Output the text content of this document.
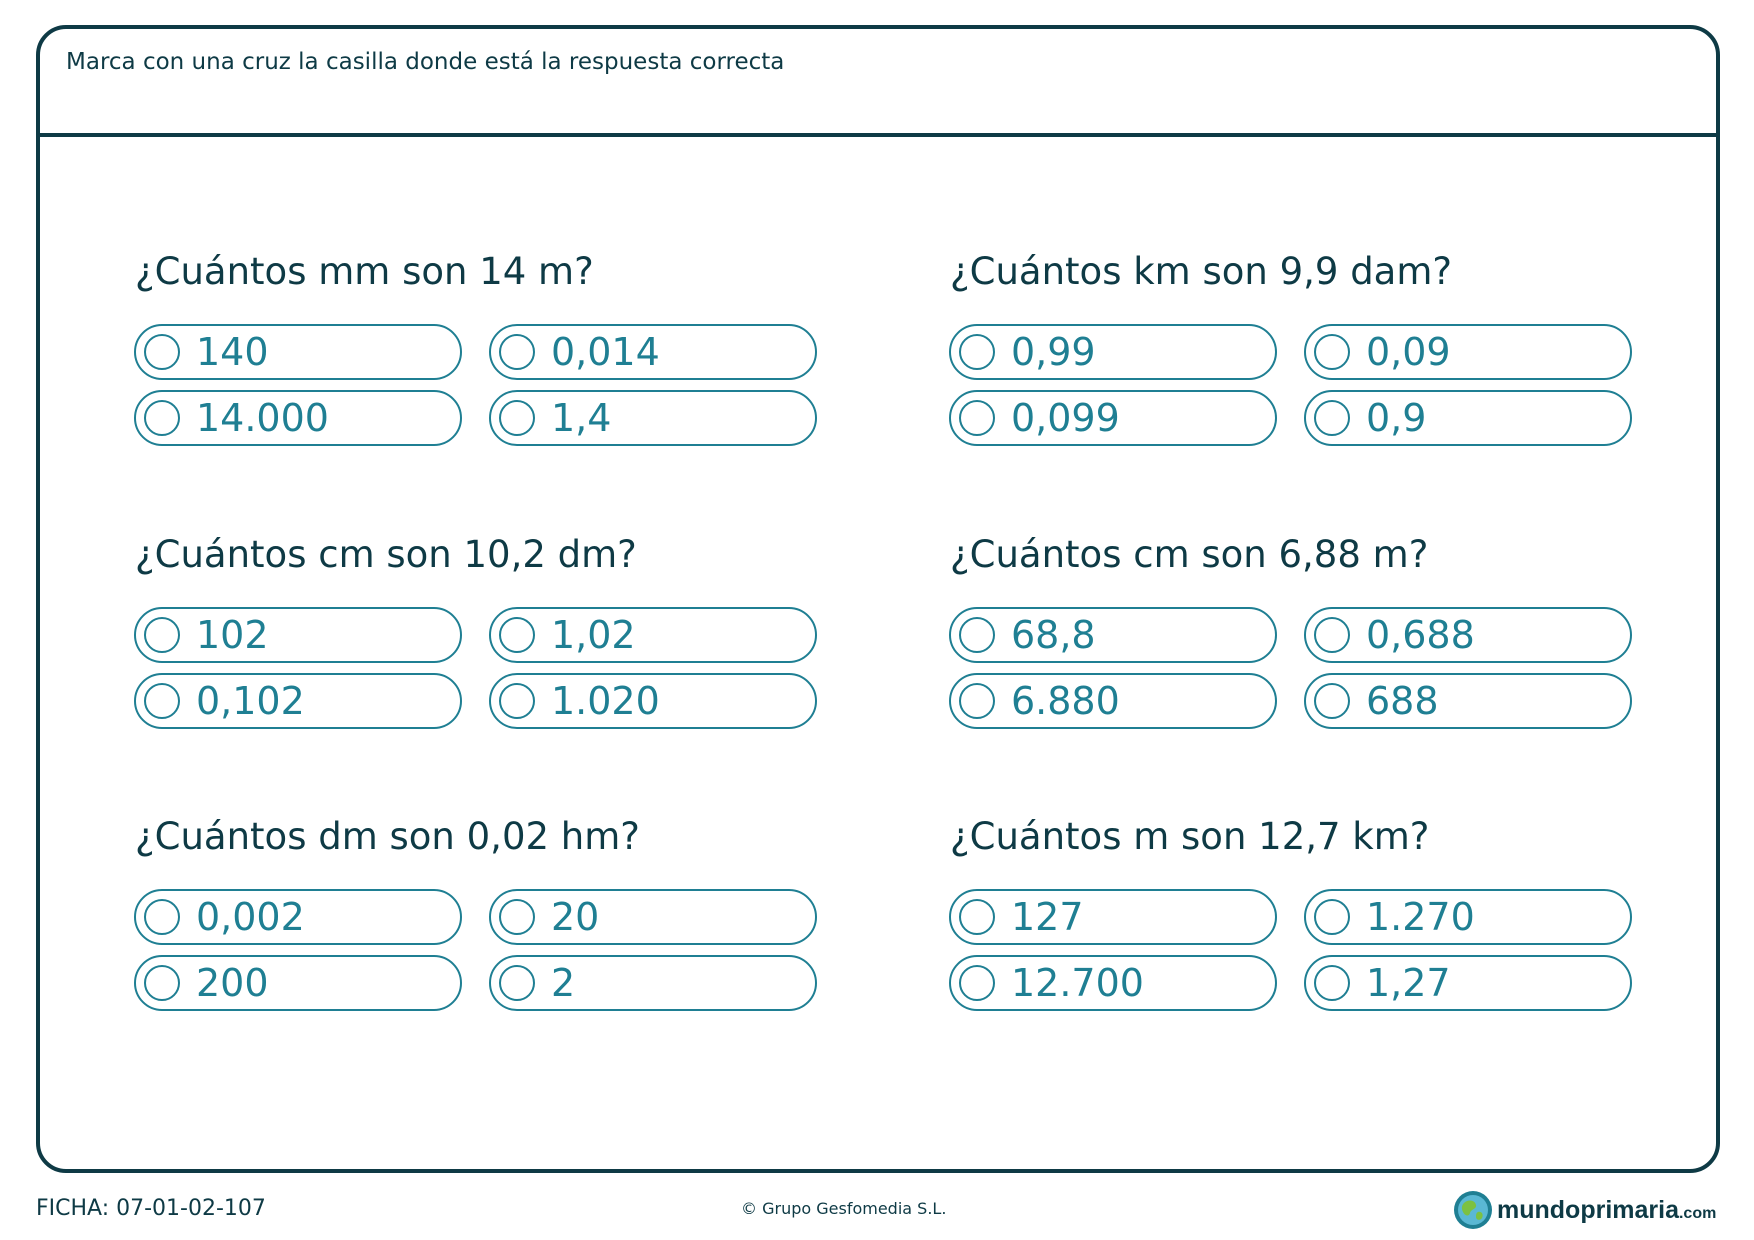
Marca con una cruz la casilla donde está la respuesta correcta
¿Cuántos mm son 14 m?
140	0,014
14.000	1,4
¿Cuántos km son 9,9 dam?
0,99	0,09
0,099	0,9
¿Cuántos cm son 10,2 dm?
102	1,02
0,102	1.020
¿Cuántos cm son 6,88 m?
68,8	0,688
6.880	688
¿Cuántos dm son 0,02 hm?
0,002	20
200	2
¿Cuántos m son 12,7 km?
127	1.270
12.700	1,27
FICHA: 07-01-02-107	© Grupo Gesfomedia S.L.	mundoprimaria.com
